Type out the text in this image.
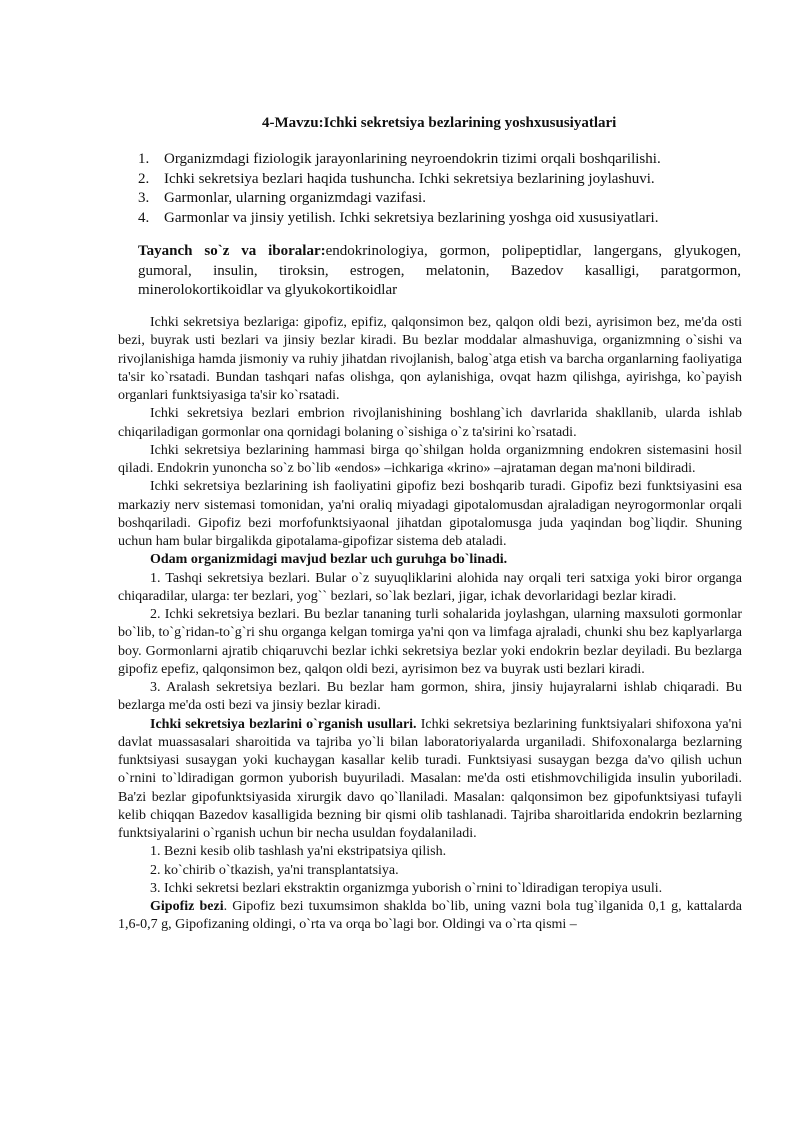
4-Mavzu:Ichki sekretsiya bezlarining yoshxususiyatlari
1. Organizmdagi fiziologik jarayonlarining neyroendokrin tizimi orqali boshqarilishi.
2. Ichki sekretsiya bezlari haqida tushuncha. Ichki sekretsiya bezlarining joylashuvi.
3. Garmonlar, ularning organizmdagi vazifasi.
4. Garmonlar va jinsiy yetilish. Ichki sekretsiya bezlarining yoshga oid xususiyatlari.
Tayanch so`z va iboralar:endokrinologiya, gormon, polipeptidlar, langergans, glyukogen, gumoral, insulin, tiroksin, estrogen, melatonin, Bazedov kasalligi, paratgormon, minerolokortikoidlar va glyukokortikoidlar

Ichki sekretsiya bezlariga: gipofiz, epifiz, qalqonsimon bez, qalqon oldi bezi, ayrisimon bez, me'da osti bezi, buyrak usti bezlari va jinsiy bezlar kiradi. Bu bezlar moddalar almashuviga, organizmning o`sishi va rivojlanishiga hamda jismoniy va ruhiy jihatdan rivojlanish, balog`atga etish va barcha organlarning faoliyatiga ta'sir ko`rsatadi. Bundan tashqari nafas olishga, qon aylanishiga, ovqat hazm qilishga, ayirishga, ko`payish organlari funktsiyasiga ta'sir ko`rsatadi.

Ichki sekretsiya bezlari embrion rivojlanishining boshlang`ich davrlarida shakllanib, ularda ishlab chiqariladigan gormonlar ona qornidagi bolaning o`sishiga o`z ta'sirini ko`rsatadi.

Ichki sekretsiya bezlarining hammasi birga qo`shilgan holda organizmning endokren sistemasini hosil qiladi. Endokrin yunoncha so`z bo`lib «endos» –ichkariga «krino» –ajrataman degan ma'noni bildiradi.

Ichki sekretsiya bezlarining ish faoliyatini gipofiz bezi boshqarib turadi. Gipofiz bezi funktsiyasini esa markaziy nerv sistemasi tomonidan, ya'ni oraliq miyadagi gipotalomusdan ajraladigan neyrogormonlar orqali boshqariladi. Gipofiz bezi morfofunktsiyaonal jihatdan gipotalomusga juda yaqindan bog`liqdir. Shuning uchun ham bular birgalikda gipotalama-gipofizar sistema deb ataladi.

Odam organizmidagi mavjud bezlar uch guruhga bo`linadi.

1. Tashqi sekretsiya bezlari. Bular o`z suyuqliklarini alohida nay orqali teri satxiga yoki biror organga chiqaradilar, ularga: ter bezlari, yog`` bezlari, so`lak bezlari, jigar, ichak devorlaridagi bezlar kiradi.

2. Ichki sekretsiya bezlari. Bu bezlar tananing turli sohalarida joylashgan, ularning maxsuloti gormonlar bo`lib, to`g`ridan-to`g`ri shu organga kelgan tomirga ya'ni qon va limfaga ajraladi, chunki shu bez kaplyarlarga boy. Gormonlarni ajratib chiqaruvchi bezlar ichki sekretsiya bezlar yoki endokrin bezlar deyiladi. Bu bezlarga gipofiz epefiz, qalqonsimon bez, qalqon oldi bezi, ayrisimon bez va buyrak usti bezlari kiradi.

3. Aralash sekretsiya bezlari. Bu bezlar ham gormon, shira, jinsiy hujayralarni ishlab chiqaradi. Bu bezlarga me'da osti bezi va jinsiy bezlar kiradi.

Ichki sekretsiya bezlarini o`rganish usullari. Ichki sekretsiya bezlarining funktsiyalari shifoxona ya'ni davlat muassasalari sharoitida va tajriba yo`li bilan laboratoriyalarda urganiladi. Shifoxonalarga bezlarning funktsiyasi susaygan yoki kuchaygan kasallar kelib turadi. Funktsiyasi susaygan bezga da'vo qilish uchun o`rnini to`ldiradigan gormon yuborish buyuriladi. Masalan: me'da osti etishmovchiligida insulin yuboriladi. Ba'zi bezlar gipofunktsiyasida xirurgik davo qo`llaniladi. Masalan: qalqonsimon bez gipofunktsiyasi tufayli kelib chiqqan Bazedov kasalligida bezning bir qismi olib tashlanadi. Tajriba sharoitlarida endokrin bezlarning funktsiyalarini o`rganish uchun bir necha usuldan foydalaniladi.

1. Bezni kesib olib tashlash ya'ni ekstripatsiya qilish.

2. ko`chirib o`tkazish, ya'ni transplantatsiya.

3. Ichki sekretsi bezlari ekstraktin organizmga yuborish o`rnini to`ldiradigan teropiya usuli.

Gipofiz bezi. Gipofiz bezi tuxumsimon shaklda bo`lib, uning vazni bola tug`ilganida 0,1 g, kattalarda 1,6-0,7 g, Gipofizaning oldingi, o`rta va orqa bo`lagi bor. Oldingi va o`rta qismi –
